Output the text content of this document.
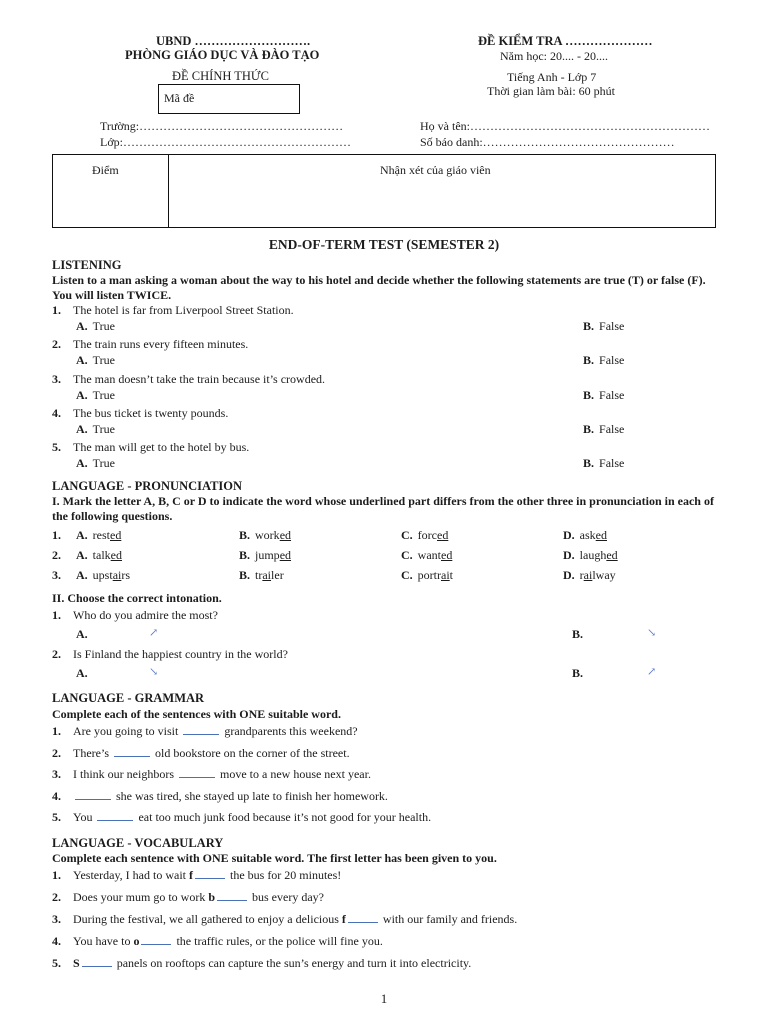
UBND ……………………….
PHÒNG GIÁO DỤC VÀ ĐÀO TẠO
ĐỀ CHÍNH THỨC
Mã đề
ĐỀ KIỂM TRA …………………
Năm học: 20.... - 20....
Tiếng Anh - Lớp 7
Thời gian làm bài: 60 phút
Trường:……………………………………………
Lớp:…………………………………………………
Họ và tên:……………………………………………………
Số báo danh:…………………………………………
Điểm	Nhận xét của giáo viên
END-OF-TERM TEST (SEMESTER 2)
LISTENING
Listen to a man asking a woman about the way to his hotel and decide whether the following statements are true (T) or false (F). You will listen TWICE.
1. The hotel is far from Liverpool Street Station.
A. True	B. False
2. The train runs every fifteen minutes.
A. True	B. False
3. The man doesn’t take the train because it’s crowded.
A. True	B. False
4. The bus ticket is twenty pounds.
A. True	B. False
5. The man will get to the hotel by bus.
A. True	B. False
LANGUAGE - PRONUNCIATION
I. Mark the letter A, B, C or D to indicate the word whose underlined part differs from the other three in pronunciation in each of the following questions.
1.	A. rested	B. worked	C. forced	D. asked
2.	A. talked	B. jumped	C. wanted	D. laughed
3.	A. upstairs	B. trailer	C. portrait	D. railway
II. Choose the correct intonation.
1. Who do you admire the most?
A.	B.
↗	↘
2. Is Finland the happiest country in the world?
A.	B.
↘	↗
LANGUAGE - GRAMMAR
Complete each of the sentences with ONE suitable word.
1. Are you going to visit	grandparents this weekend?
2. There’s	old bookstore on the corner of the street.
3. I think our neighbors	move to a new house next year.
4.	she was tired, she stayed up late to finish her homework.
5. You	eat too much junk food because it’s not good for your health.
LANGUAGE - VOCABULARY
Complete each sentence with ONE suitable word. The first letter has been given to you.
1. Yesterday, I had to wait f	the bus for 20 minutes!
2. Does your mum go to work b	bus every day?
3. During the festival, we all gathered to enjoy a delicious f	with our family and friends.
4. You have to o	the traffic rules, or the police will fine you.
5. S	panels on rooftops can capture the sun’s energy and turn it into electricity.
1
